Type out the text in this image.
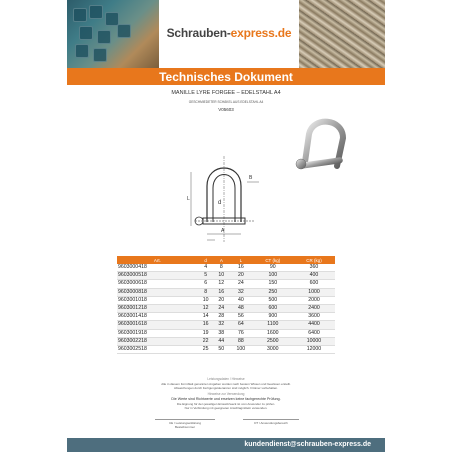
Schrauben-express.de
Technisches Dokument
MANILLE LYRE FORGEE – EDELSTAHL A4
GESCHMIEDETER SCHÄKEL AUS EDELSTAHL A4
V05603
d
A
L
B
Art.	d	A	L	CT (kg)	CR (kg)
9603000418	4	8	16	90	360
9603000518	5	10	20	100	400
9603000618	6	12	24	150	600
9603000818	8	16	32	250	1000
9603001018	10	20	40	500	2000
9603001218	12	24	48	600	2400
9603001418	14	28	56	900	3600
9603001618	16	32	64	1100	4400
9603001918	19	38	76	1600	6400
9603002218	22	44	88	2500	10000
9603002518	25	50	100	3000	12000
Leistungsdaten / Hinweise
Alle in diesem Formblatt genannten Angaben wurden nach bestem Wissen und Gewissen erstellt.
Abweichungen durch Fertigungstoleranzen sind möglich. Irrtümer vorbehalten.
Hinweise zur Verwendung
Die Werte sind Richtwerte und ersetzen keine fachgerechte Prüfung.
Die Eignung für den jeweiligen Einsatzzweck ist vom Anwender zu prüfen.
Nur in Verbindung mit geeigneten Anschlagmitteln verwenden.
CE / Leistungserklärung
Bestellnummer
DT / Anwendungsbereich
kundendienst@schrauben-express.de
